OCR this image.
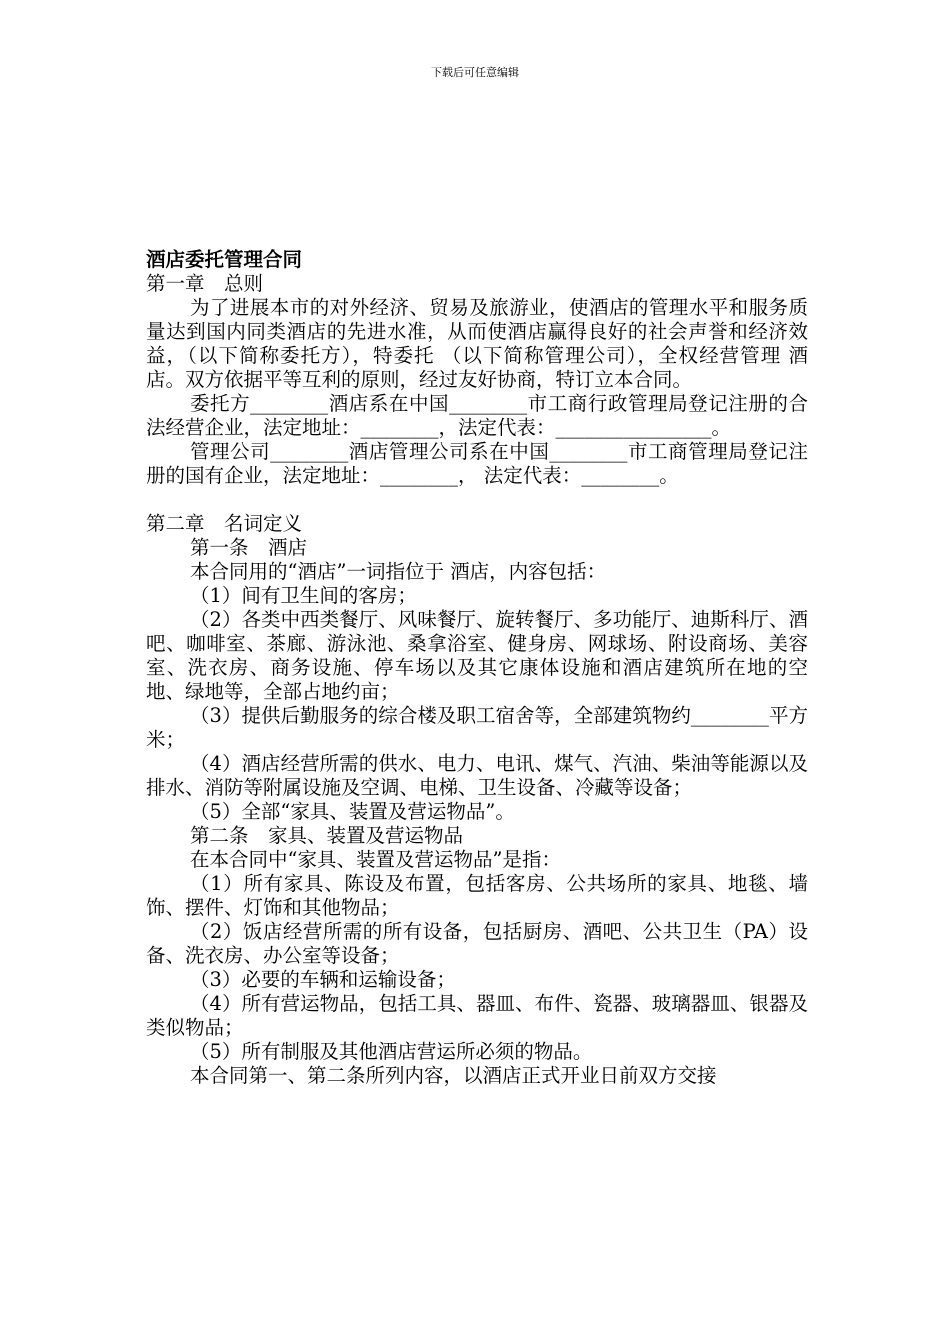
下载后可任意编辑

酒店委托管理合同

第一章　总则

为了进展本市的对外经济、贸易及旅游业，使酒店的管理水平和服务质量达到国内同类酒店的先进水准，从而使酒店赢得良好的社会声誉和经济效益，（以下简称委托方），特委托 （以下简称管理公司），全权经营管理 酒店。双方依据平等互利的原则，经过友好协商，特订立本合同。

委托方________酒店系在中国________市工商行政管理局登记注册的合法经营企业，法定地址：________，法定代表：________________。

管理公司________酒店管理公司系在中国________市工商管理局登记注册的国有企业，法定地址：________， 法定代表：________。

第二章　名词定义

第一条　酒店

本合同用的“酒店”一词指位于 酒店，内容包括：

（1）间有卫生间的客房；

（2）各类中西类餐厅、风味餐厅、旋转餐厅、多功能厅、迪斯科厅、酒吧、咖啡室、茶廊、游泳池、桑拿浴室、健身房、网球场、附设商场、美容室、洗衣房、商务设施、停车场以及其它康体设施和酒店建筑所在地的空地、绿地等，全部占地约亩；

（3）提供后勤服务的综合楼及职工宿舍等，全部建筑物约________平方米；

（4）酒店经营所需的供水、电力、电讯、煤气、汽油、柴油等能源以及排水、消防等附属设施及空调、电梯、卫生设备、冷藏等设备；

（5）全部“家具、装置及营运物品”。

第二条　家具、装置及营运物品

在本合同中“家具、装置及营运物品”是指：

（1）所有家具、陈设及布置，包括客房、公共场所的家具、地毯、墙饰、摆件、灯饰和其他物品；

（2）饭店经营所需的所有设备，包括厨房、酒吧、公共卫生（PA）设备、洗衣房、办公室等设备；

（3）必要的车辆和运输设备；

（4）所有营运物品，包括工具、器皿、布件、瓷器、玻璃器皿、银器及类似物品；

（5）所有制服及其他酒店营运所必须的物品。

本合同第一、第二条所列内容，以酒店正式开业日前双方交接
